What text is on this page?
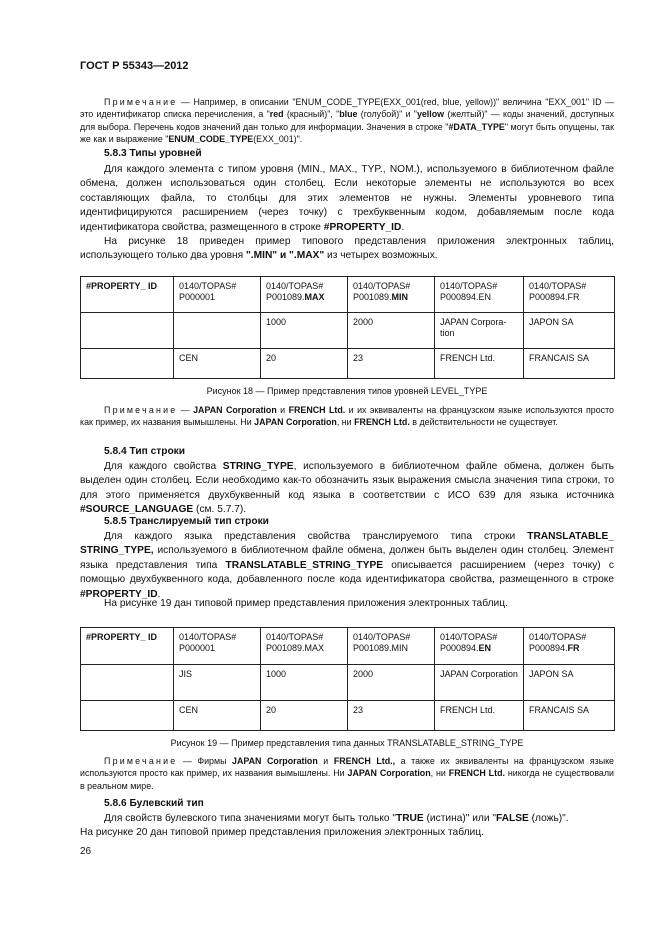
ГОСТ Р 55343—2012
Примечание — Например, в описании "ENUM_CODE_TYPE(EXX_001(red, blue, yellow))" величина "EXX_001" ID — это идентификатор списка перечисления, а "red (красный)", "blue (голубой)" и "yellow (желтый)" — коды значений, доступных для выбора. Перечень кодов значений дан только для информации. Значения в строке "#DATA_TYPE" могут быть опущены, так же как и выражение "ENUM_CODE_TYPE(EXX_001)".
5.8.3 Типы уровней
Для каждого элемента с типом уровня (MIN., MAX., TYP., NOM.), используемого в библиотечном файле обмена, должен использоваться один столбец. Если некоторые элементы не используются во всех составляющих файла, то столбцы для этих элементов не нужны. Элементы уровневого типа идентифицируются расширением (через точку) с трехбуквенным кодом, добавляемым после кода идентификатора свойства, размещенного в строке #PROPERTY_ID.
На рисунке 18 приведен пример типового представления приложения электронных таблиц, использующего только два уровня ".MIN" и ".MAX" из четырех возможных.
#PROPERTY_ ID	0140/TOPAS# P000001	0140/TOPAS# P001089.MAX	0140/TOPAS# P001089.MIN	0140/TOPAS# P000894.EN	0140/TOPAS# P000894.FR
		1000	2000	JAPAN Corpora-tion	JAPON SA
	CEN	20	23	FRENCH Ltd.	FRANCAIS SA
Рисунок 18 — Пример представления типов уровней LEVEL_TYPE
Примечание — JAPAN Corporation и FRENCH Ltd. и их эквиваленты на французском языке используются просто как пример, их названия вымышлены. Ни JAPAN Corporation, ни FRENCH Ltd. в действительности не существует.
5.8.4 Тип строки
Для каждого свойства STRING_TYPE, используемого в библиотечном файле обмена, должен быть выделен один столбец. Если необходимо как-то обозначить язык выражения смысла значения типа строки, то для этого применяется двухбуквенный код языка в соответствии с ИСО 639 для языка источника #SOURCE_LANGUAGE (см. 5.7.7).
5.8.5 Транслируемый тип строки
Для каждого языка представления свойства транслируемого типа строки TRANSLATABLE_ STRING_TYPE, используемого в библиотечном файле обмена, должен быть выделен один столбец. Элемент языка представления типа TRANSLATABLE_STRING_TYPE описывается расширением (через точку) с помощью двухбуквенного кода, добавленного после кода идентификатора свойства, размещенного в строке #PROPERTY_ID.
На рисунке 19 дан типовой пример представления приложения электронных таблиц.
#PROPERTY_ ID	0140/TOPAS# P000001	0140/TOPAS# P001089.MAX	0140/TOPAS# P001089.MIN	0140/TOPAS# P000894.EN	0140/TOPAS# P000894.FR
	JIS	1000	2000	JAPAN Corporation	JAPON SA
	CEN	20	23	FRENCH Ltd.	FRANCAIS SA
Рисунок 19 — Пример представления типа данных TRANSLATABLE_STRING_TYPE
Примечание — Фирмы JAPAN Corporation и FRENCH Ltd., а также их эквиваленты на французском языке используются просто как пример, их названия вымышлены. Ни JAPAN Corporation, ни FRENCH Ltd. никогда не существовали в реальном мире.
5.8.6 Булевский тип
Для свойств булевского типа значениями могут быть только "TRUE (истина)" или "FALSE (ложь)".
На рисунке 20 дан типовой пример представления приложения электронных таблиц.
26
